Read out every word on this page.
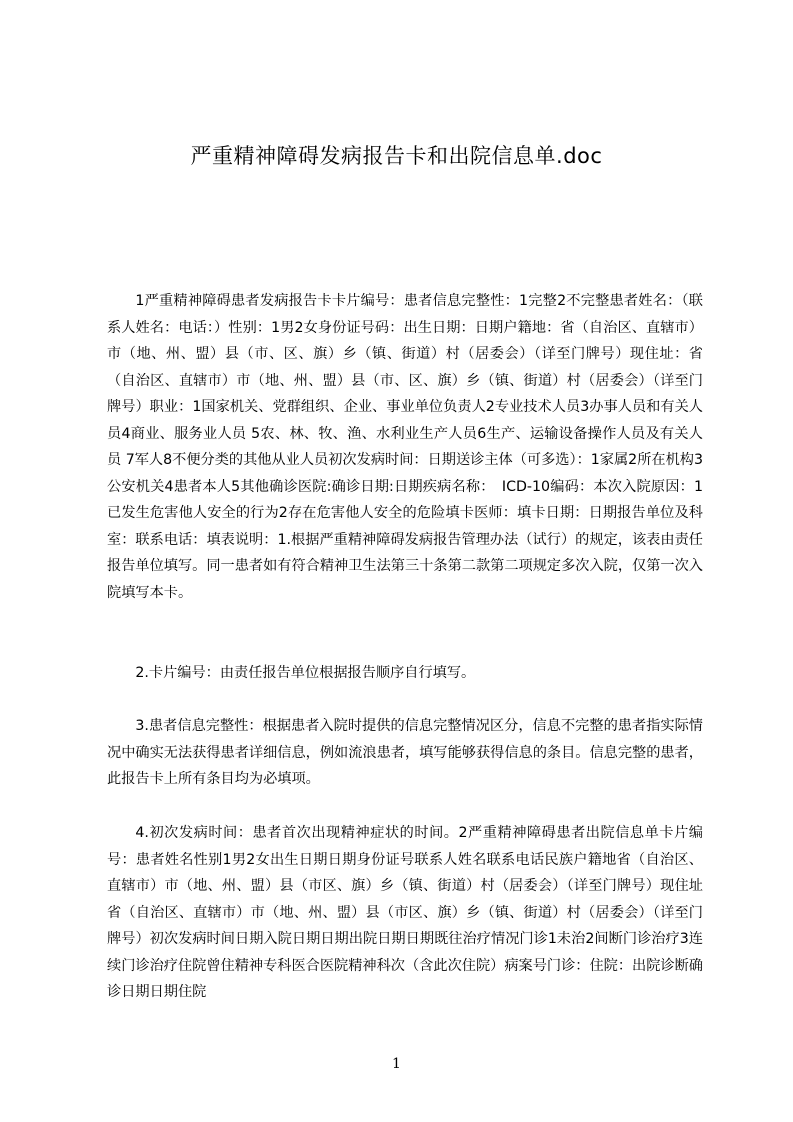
严重精神障碍发病报告卡和出院信息单.doc

1严重精神障碍患者发病报告卡卡片编号：患者信息完整性：1完整2不完整患者姓名：（联系人姓名：电话：）性别：1男2女身份证号码：出生日期：日期户籍地：省（自治区、直辖市）市（地、州、盟）县（市、区、旗）乡（镇、街道）村（居委会）（详至门牌号）现住址：省（自治区、直辖市）市（地、州、盟）县（市、区、旗）乡（镇、街道）村（居委会）（详至门牌号）职业：1国家机关、党群组织、企业、事业单位负责人2专业技术人员3办事人员和有关人员4商业、服务业人员 5农、林、牧、渔、水利业生产人员6生产、运输设备操作人员及有关人员 7军人8不便分类的其他从业人员初次发病时间：日期送诊主体（可多选）：1家属2所在机构3公安机关4患者本人5其他确诊医院:确诊日期:日期疾病名称：　ICD-10编码：本次入院原因：1已发生危害他人安全的行为2存在危害他人安全的危险填卡医师：填卡日期：日期报告单位及科室：联系电话：填表说明：1.根据严重精神障碍发病报告管理办法（试行）的规定，该表由责任报告单位填写。同一患者如有符合精神卫生法第三十条第二款第二项规定多次入院，仅第一次入院填写本卡。

2.卡片编号：由责任报告单位根据报告顺序自行填写。

3.患者信息完整性：根据患者入院时提供的信息完整情况区分，信息不完整的患者指实际情况中确实无法获得患者详细信息，例如流浪患者，填写能够获得信息的条目。信息完整的患者，此报告卡上所有条目均为必填项。

4.初次发病时间：患者首次出现精神症状的时间。2严重精神障碍患者出院信息单卡片编号：患者姓名性别1男2女出生日期日期身份证号联系人姓名联系电话民族户籍地省（自治区、直辖市）市（地、州、盟）县（市区、旗）乡（镇、街道）村（居委会）（详至门牌号）现住址省（自治区、直辖市）市（地、州、盟）县（市区、旗）乡（镇、街道）村（居委会）（详至门牌号）初次发病时间日期入院日期日期出院日期日期既往治疗情况门诊1未治2间断门诊治疗3连续门诊治疗住院曾住精神专科医合医院精神科次（含此次住院）病案号门诊：住院：出院诊断确诊日期日期住院

1
